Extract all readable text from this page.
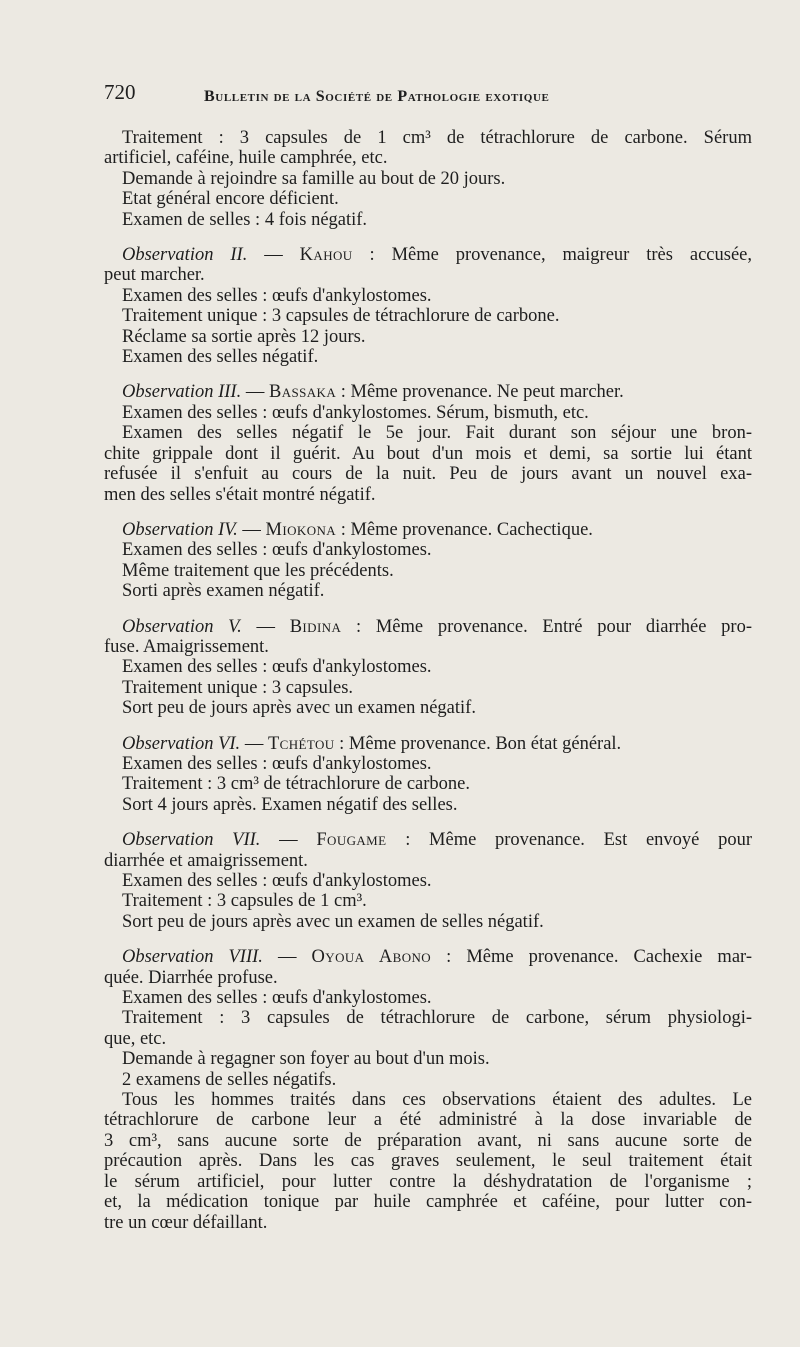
720	Bulletin de la Société de Pathologie exotique
Traitement : 3 capsules de 1 cm³ de tétrachlorure de carbone. Sérum
artificiel, caféine, huile camphrée, etc.
Demande à rejoindre sa famille au bout de 20 jours.
Etat général encore déficient.
Examen de selles : 4 fois négatif.
Observation II. — Kahou : Même provenance, maigreur très accusée,
peut marcher.
Examen des selles : œufs d'ankylostomes.
Traitement unique : 3 capsules de tétrachlorure de carbone.
Réclame sa sortie après 12 jours.
Examen des selles négatif.
Observation III. — Bassaka : Même provenance. Ne peut marcher.
Examen des selles : œufs d'ankylostomes. Sérum, bismuth, etc.
Examen des selles négatif le 5e jour. Fait durant son séjour une bron-
chite grippale dont il guérit. Au bout d'un mois et demi, sa sortie lui étant
refusée il s'enfuit au cours de la nuit. Peu de jours avant un nouvel exa-
men des selles s'était montré négatif.
Observation IV. — Miokona : Même provenance. Cachectique.
Examen des selles : œufs d'ankylostomes.
Même traitement que les précédents.
Sorti après examen négatif.
Observation V. — Bidina : Même provenance. Entré pour diarrhée pro-
fuse. Amaigrissement.
Examen des selles : œufs d'ankylostomes.
Traitement unique : 3 capsules.
Sort peu de jours après avec un examen négatif.
Observation VI. — Tchétou : Même provenance. Bon état général.
Examen des selles : œufs d'ankylostomes.
Traitement : 3 cm³ de tétrachlorure de carbone.
Sort 4 jours après. Examen négatif des selles.
Observation VII. — Fougame : Même provenance. Est envoyé pour
diarrhée et amaigrissement.
Examen des selles : œufs d'ankylostomes.
Traitement : 3 capsules de 1 cm³.
Sort peu de jours après avec un examen de selles négatif.
Observation VIII. — Oyoua Abono : Même provenance. Cachexie mar-
quée. Diarrhée profuse.
Examen des selles : œufs d'ankylostomes.
Traitement : 3 capsules de tétrachlorure de carbone, sérum physiologi-
que, etc.
Demande à regagner son foyer au bout d'un mois.
2 examens de selles négatifs.
Tous les hommes traités dans ces observations étaient des adultes. Le
tétrachlorure de carbone leur a été administré à la dose invariable de
3 cm³, sans aucune sorte de préparation avant, ni sans aucune sorte de
précaution après. Dans les cas graves seulement, le seul traitement était
le sérum artificiel, pour lutter contre la déshydratation de l'organisme ;
et, la médication tonique par huile camphrée et caféine, pour lutter con-
tre un cœur défaillant.
